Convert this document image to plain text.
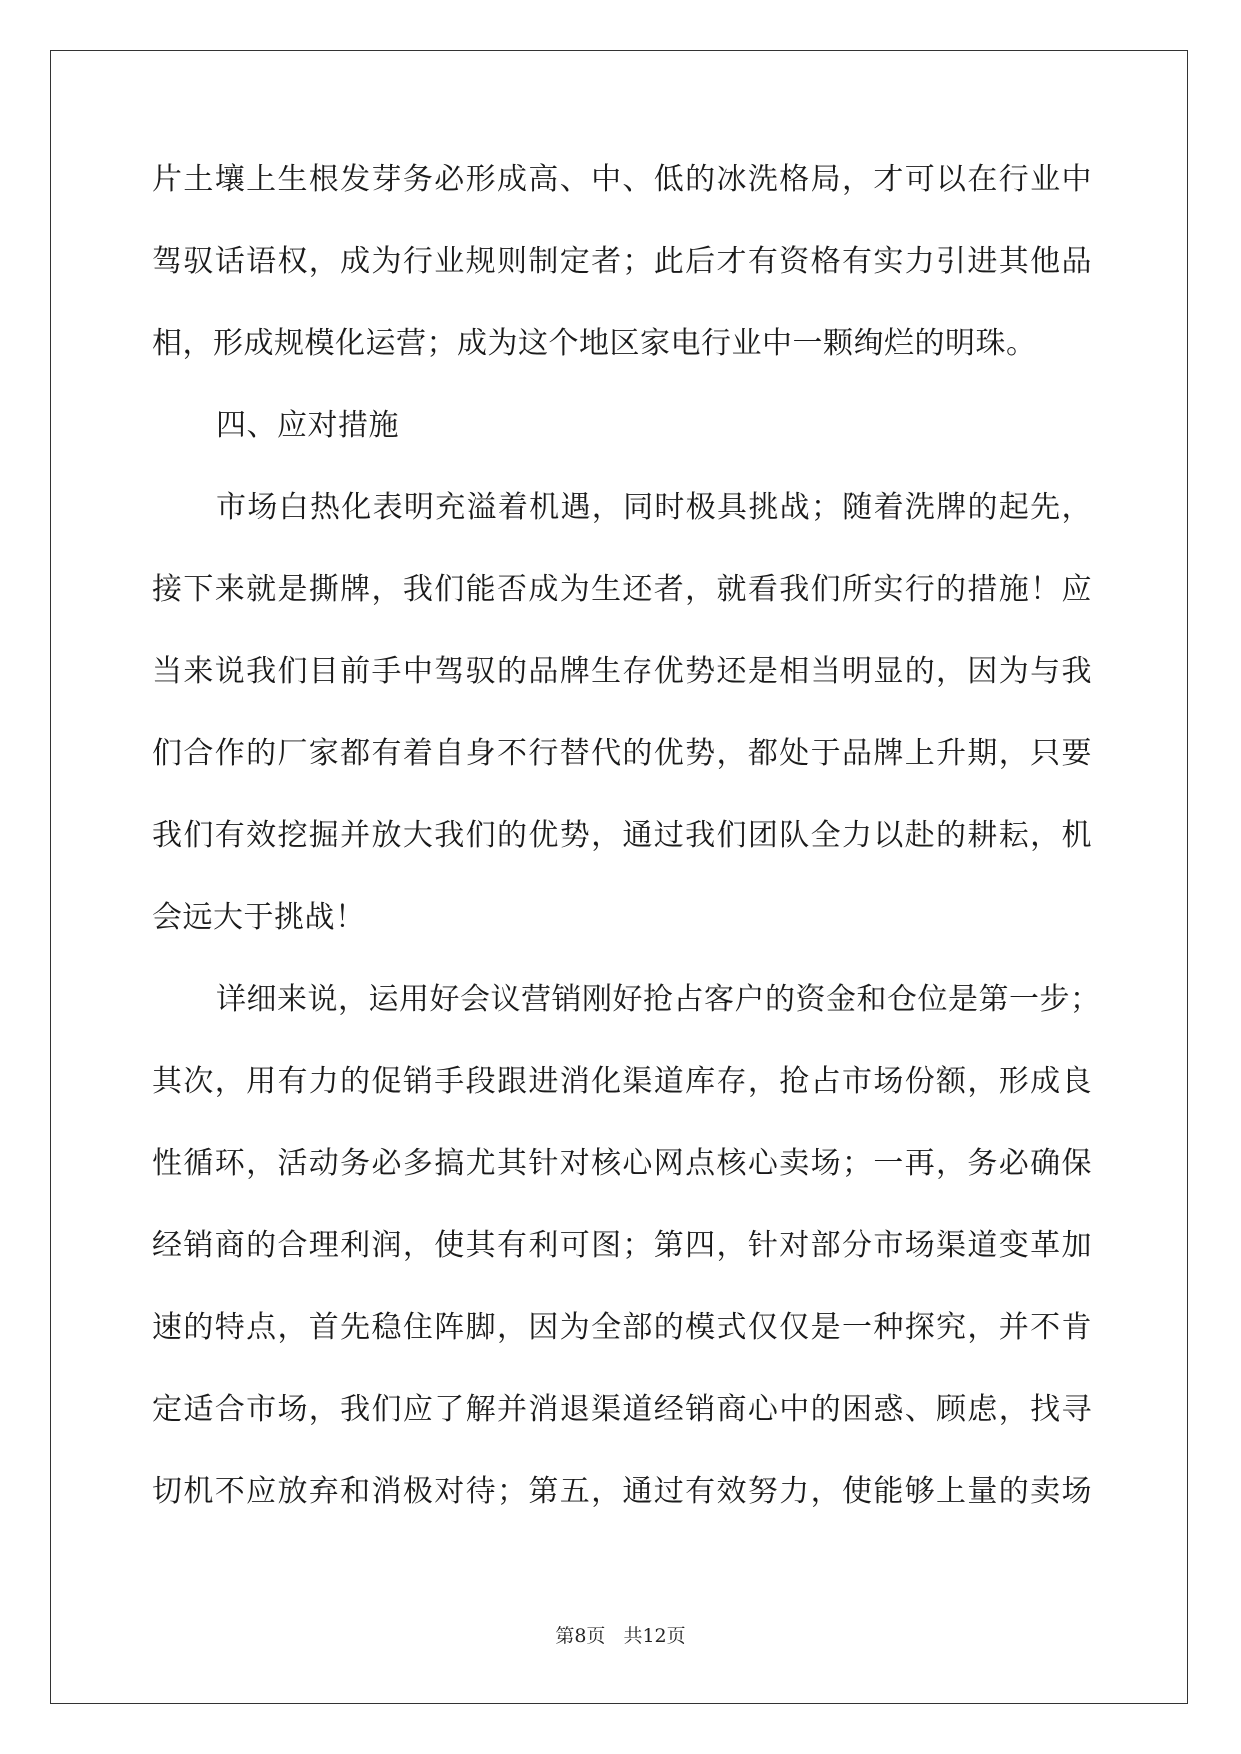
片土壤上生根发芽务必形成高、中、低的冰洗格局，才可以在行业中
驾驭话语权，成为行业规则制定者；此后才有资格有实力引进其他品
相，形成规模化运营；成为这个地区家电行业中一颗绚烂的明珠。
四、应对措施
市场白热化表明充溢着机遇，同时极具挑战；随着洗牌的起先，
接下来就是撕牌，我们能否成为生还者，就看我们所实行的措施！应
当来说我们目前手中驾驭的品牌生存优势还是相当明显的，因为与我
们合作的厂家都有着自身不行替代的优势，都处于品牌上升期，只要
我们有效挖掘并放大我们的优势，通过我们团队全力以赴的耕耘，机
会远大于挑战！
详细来说，运用好会议营销刚好抢占客户的资金和仓位是第一步；
其次，用有力的促销手段跟进消化渠道库存，抢占市场份额，形成良
性循环，活动务必多搞尤其针对核心网点核心卖场；一再，务必确保
经销商的合理利润，使其有利可图；第四，针对部分市场渠道变革加
速的特点，首先稳住阵脚，因为全部的模式仅仅是一种探究，并不肯
定适合市场，我们应了解并消退渠道经销商心中的困惑、顾虑，找寻
切机不应放弃和消极对待；第五，通过有效努力，使能够上量的卖场
第8页 共12页
